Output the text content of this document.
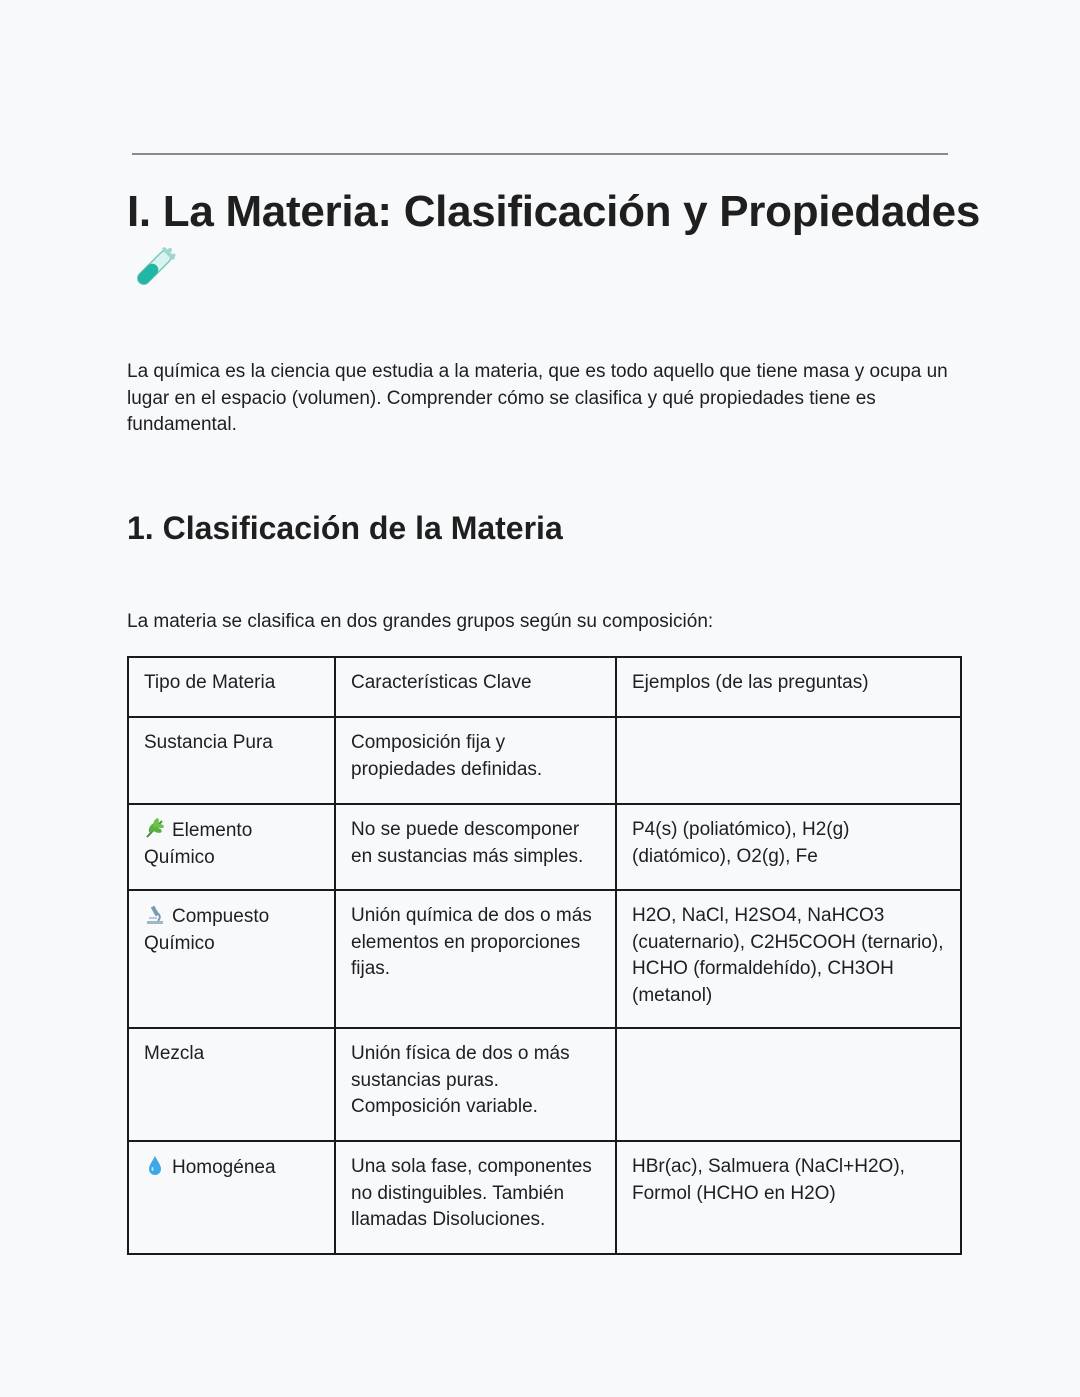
I. La Materia: Clasificación y Propiedades

La química es la ciencia que estudia a la materia, que es todo aquello que tiene masa y ocupa un lugar en el espacio (volumen). Comprender cómo se clasifica y qué propiedades tiene es fundamental.

1. Clasificación de la Materia

La materia se clasifica en dos grandes grupos según su composición:

Tipo de Materia	Características Clave	Ejemplos (de las preguntas)
Sustancia Pura	Composición fija y propiedades definidas.	
Elemento Químico	No se puede descomponer en sustancias más simples.	P4(s) (poliatómico), H2(g) (diatómico), O2(g), Fe
Compuesto Químico	Unión química de dos o más elementos en proporciones fijas.	H2O, NaCl, H2SO4, NaHCO3 (cuaternario), C2H5COOH (ternario), HCHO (formaldehído), CH3OH (metanol)
Mezcla	Unión física de dos o más sustancias puras. Composición variable.	
Homogénea	Una sola fase, componentes no distinguibles. También llamadas Disoluciones.	HBr(ac), Salmuera (NaCl+H2O), Formol (HCHO en H2O)
